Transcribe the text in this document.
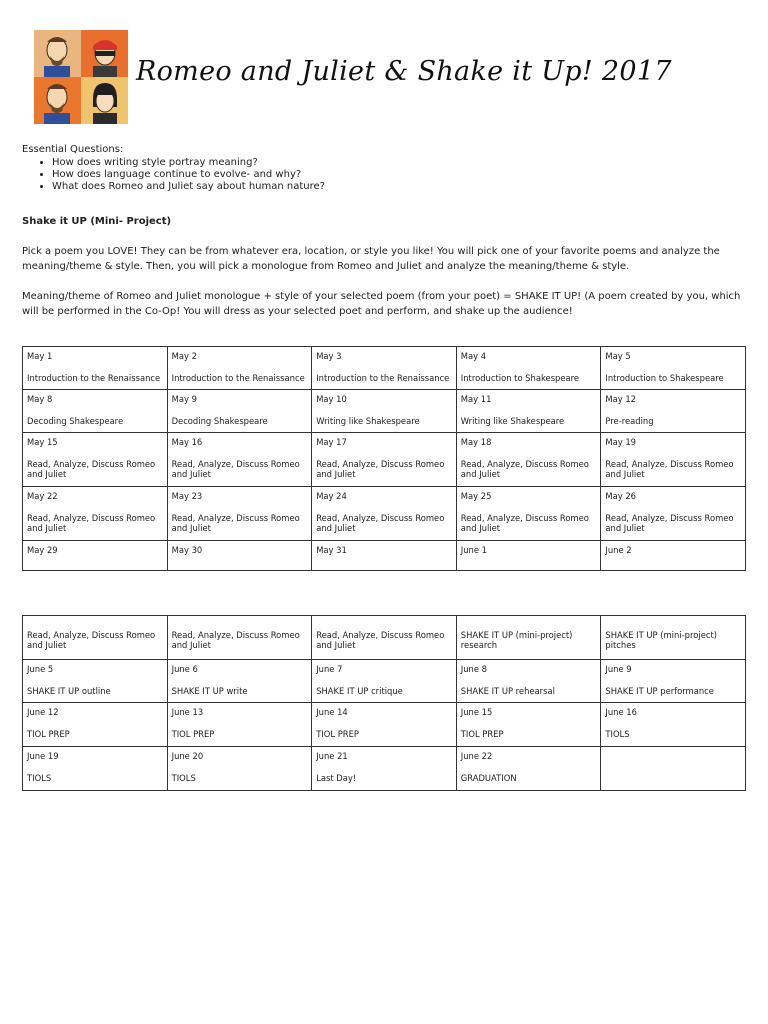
Romeo and Juliet & Shake it Up! 2017
Essential Questions:
• How does writing style portray meaning?
• How does language continue to evolve- and why?
• What does Romeo and Juliet say about human nature?
Shake it UP (Mini- Project)
Pick a poem you LOVE! They can be from whatever era, location, or style you like! You will pick one of your favorite poems and analyze the meaning/theme & style. Then, you will pick a monologue from Romeo and Juliet and analyze the meaning/theme & style.
Meaning/theme of Romeo and Juliet monologue + style of your selected poem (from your poet) = SHAKE IT UP! (A poem created by you, which will be performed in the Co-Op! You will dress as your selected poet and perform, and shake up the audience!
May 1
Introduction to the Renaissance	May 2
Introduction to the Renaissance	May 3
Introduction to the Renaissance	May 4
Introduction to Shakespeare	May 5
Introduction to Shakespeare

May 8
Decoding Shakespeare	May 9
Decoding Shakespeare	May 10
Writing like Shakespeare	May 11
Writing like Shakespeare	May 12
Pre-reading

May 15
Read, Analyze, Discuss Romeo and Juliet	May 16
Read, Analyze, Discuss Romeo and Juliet	May 17
Read, Analyze, Discuss Romeo and Juliet	May 18
Read, Analyze, Discuss Romeo and Juliet	May 19
Read, Analyze, Discuss Romeo and Juliet

May 22
Read, Analyze, Discuss Romeo and Juliet	May 23
Read, Analyze, Discuss Romeo and Juliet	May 24
Read, Analyze, Discuss Romeo and Juliet	May 25
Read, Analyze, Discuss Romeo and Juliet	May 26
Read, Analyze, Discuss Romeo and Juliet

May 29	May 30	May 31	June 1	June 2
Read, Analyze, Discuss Romeo and Juliet	Read, Analyze, Discuss Romeo and Juliet	Read, Analyze, Discuss Romeo and Juliet	SHAKE IT UP (mini-project) research	SHAKE IT UP (mini-project) pitches

June 5
SHAKE IT UP outline	June 6
SHAKE IT UP write	June 7
SHAKE IT UP critique	June 8
SHAKE IT UP rehearsal	June 9
SHAKE IT UP performance

June 12
TIOL PREP	June 13
TIOL PREP	June 14
TIOL PREP	June 15
TIOL PREP	June 16
TIOLS

June 19
TIOLS	June 20
TIOLS	June 21
Last Day!	June 22
GRADUATION	
